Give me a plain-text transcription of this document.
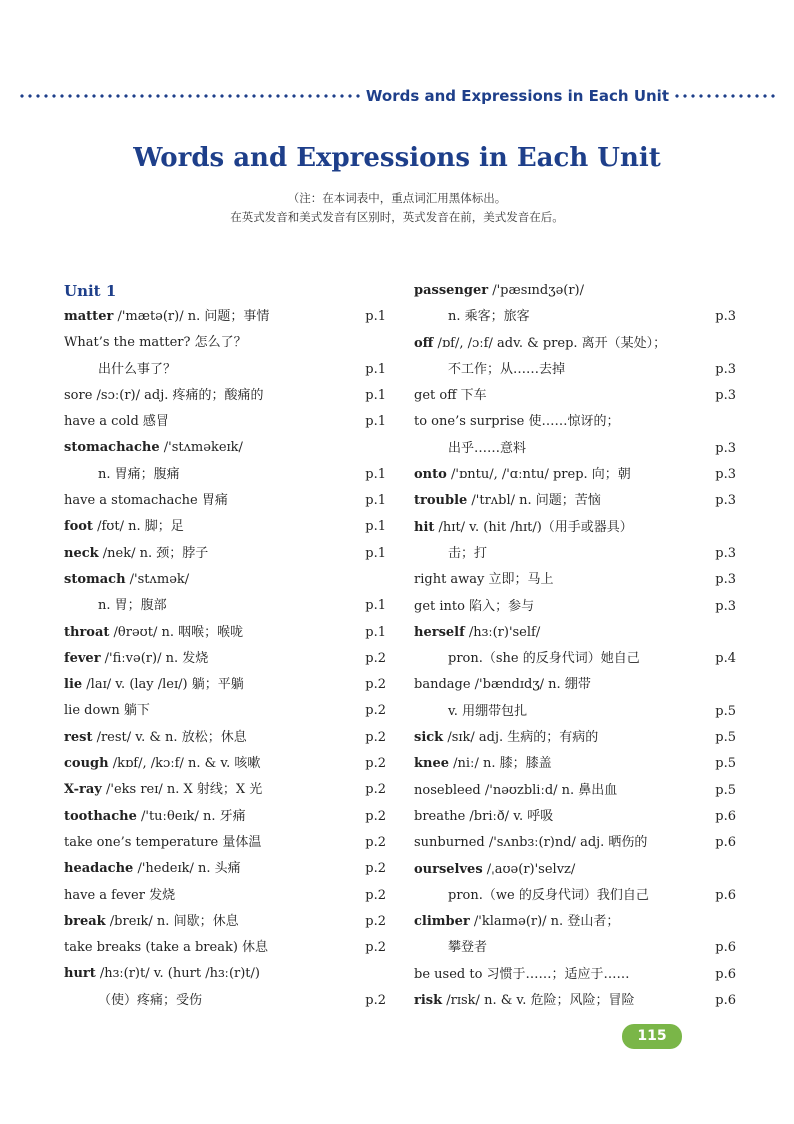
Words and Expressions in Each Unit
Words and Expressions in Each Unit

（注：在本词表中，重点词汇用黑体标出。

在英式发音和美式发音有区别时，英式发音在前，美式发音在后。

Unit 1
matter /'mætə(r)/ n. 问题；事情	p.1
What’s the matter? 怎么了？
出什么事了？	p.1
sore /sɔː(r)/ adj. 疼痛的；酸痛的	p.1
have a cold 感冒	p.1
stomachache /'stʌməkeɪk/
n. 胃痛；腹痛	p.1
have a stomachache 胃痛	p.1
foot /fʊt/ n. 脚；足	p.1
neck /nek/ n. 颈；脖子	p.1
stomach /'stʌmək/
n. 胃；腹部	p.1
throat /θrəʊt/ n. 咽喉；喉咙	p.1
fever /'fiːvə(r)/ n. 发烧	p.2
lie /laɪ/ v. (lay /leɪ/) 躺；平躺	p.2
lie down 躺下	p.2
rest /rest/ v. & n. 放松；休息	p.2
cough /kɒf/, /kɔːf/ n. & v. 咳嗽	p.2
X-ray /'eks reɪ/ n. X 射线；X 光	p.2
toothache /'tuːθeɪk/ n. 牙痛	p.2
take one’s temperature 量体温	p.2
headache /'hedeɪk/ n. 头痛	p.2
have a fever 发烧	p.2
break /breɪk/ n. 间歇；休息	p.2
take breaks (take a break) 休息	p.2
hurt /hɜː(r)t/ v. (hurt /hɜː(r)t/)
（使）疼痛；受伤	p.2
passenger /'pæsɪndʒə(r)/
n. 乘客；旅客	p.3
off /ɒf/, /ɔːf/ adv. & prep. 离开（某处）；
不工作；从……去掉	p.3
get off 下车	p.3
to one’s surprise 使……惊讶的；
出乎……意料	p.3
onto /'ɒntu/, /'ɑːntu/ prep. 向；朝	p.3
trouble /'trʌbl/ n. 问题；苦恼	p.3
hit /hɪt/ v. (hit /hɪt/)（用手或器具）
击；打	p.3
right away 立即；马上	p.3
get into 陷入；参与	p.3
herself /hɜː(r)'self/
pron.（she 的反身代词）她自己	p.4
bandage /'bændɪdʒ/ n. 绷带
v. 用绷带包扎	p.5
sick /sɪk/ adj. 生病的；有病的	p.5
knee /niː/ n. 膝；膝盖	p.5
nosebleed /'nəʊzbliːd/ n. 鼻出血	p.5
breathe /briːð/ v. 呼吸	p.6
sunburned /'sʌnbɜː(r)nd/ adj. 晒伤的	p.6
ourselves /ˌaʊə(r)'selvz/
pron.（we 的反身代词）我们自己	p.6
climber /'klaɪmə(r)/ n. 登山者；
攀登者	p.6
be used to 习惯于……；适应于……	p.6
risk /rɪsk/ n. & v. 危险；风险；冒险	p.6
115
